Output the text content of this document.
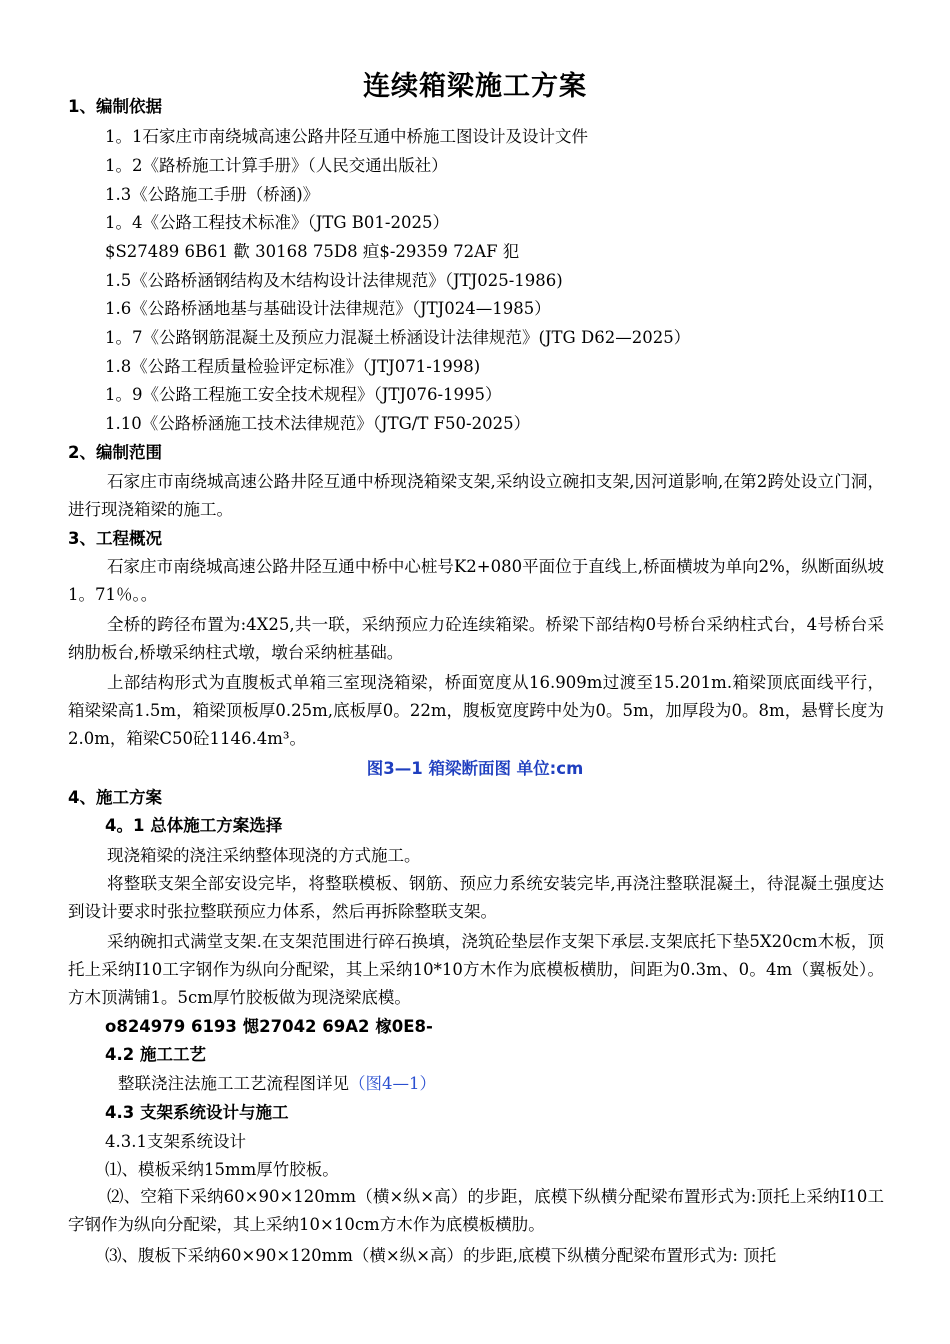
连续箱梁施工方案
1、编制依据
1。1石家庄市南绕城高速公路井陉互通中桥施工图设计及设计文件
1。2《路桥施工计算手册》（人民交通出版社）
1.3《公路施工手册（桥涵)》
1。4《公路工程技术标准》（JTG B01-2025）
$S27489 6B61 歡 30168 75D8 疸$-29359 72AF 犯
1.5《公路桥涵钢结构及木结构设计法律规范》（JTJ025-1986)
1.6《公路桥涵地基与基础设计法律规范》（JTJ024—1985）
1。7《公路钢筋混凝土及预应力混凝土桥涵设计法律规范》(JTG D62—2025）
1.8《公路工程质量检验评定标准》（JTJ071-1998)
1。9《公路工程施工安全技术规程》（JTJ076-1995）
1.10《公路桥涵施工技术法律规范》（JTG/T F50-2025）
2、编制范围
石家庄市南绕城高速公路井陉互通中桥现浇箱梁支架,采纳设立碗扣支架,因河道影响,在第2跨处设立门洞，进行现浇箱梁的施工。
3、工程概况
石家庄市南绕城高速公路井陉互通中桥中心桩号K2+080平面位于直线上,桥面横坡为单向2%，纵断面纵坡1。71％。。
全桥的跨径布置为:4X25,共一联，采纳预应力砼连续箱梁。桥梁下部结构0号桥台采纳柱式台，4号桥台采纳肋板台,桥墩采纳柱式墩，墩台采纳桩基础。
上部结构形式为直腹板式单箱三室现浇箱梁，桥面宽度从16.909m过渡至15.201m.箱梁顶底面线平行，箱梁梁高1.5m，箱梁顶板厚0.25m,底板厚0。22m，腹板宽度跨中处为0。5m，加厚段为0。8m，悬臂长度为2.0m，箱梁C50砼1146.4m³。
图3—1 箱梁断面图 单位:cm
4、施工方案
4。1 总体施工方案选择
现浇箱梁的浇注采纳整体现浇的方式施工。
将整联支架全部安设完毕，将整联模板、钢筋、预应力系统安装完毕,再浇注整联混凝土，待混凝土强度达到设计要求时张拉整联预应力体系，然后再拆除整联支架。
采纳碗扣式满堂支架.在支架范围进行碎石换填，浇筑砼垫层作支架下承层.支架底托下垫5X20cm木板，顶托上采纳I10工字钢作为纵向分配梁，其上采纳10*10方木作为底模板横肋，间距为0.3m、0。4m（翼板处）。方木顶满铺1。5cm厚竹胶板做为现浇梁底模。
o824979 6193 愢27042 69A2 榢0E8-
4.2 施工工艺
整联浇注法施工工艺流程图详见（图4—1）
4.3 支架系统设计与施工
4.3.1支架系统设计
⑴、模板采纳15mm厚竹胶板。
⑵、空箱下采纳60×90×120mm（横×纵×高）的步距，底模下纵横分配梁布置形式为:顶托上采纳I10工字钢作为纵向分配梁，其上采纳10×10cm方木作为底模板横肋。
⑶、腹板下采纳60×90×120mm（横×纵×高）的步距,底模下纵横分配梁布置形式为: 顶托
